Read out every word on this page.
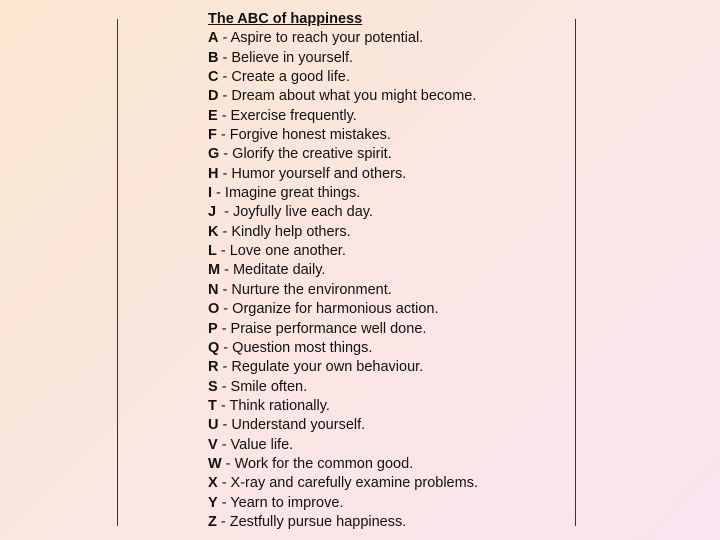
The ABC of happiness
A - Aspire to reach your potential.
B - Believe in yourself.
C - Create a good life.
D - Dream about what you might become.
E - Exercise frequently.
F - Forgive honest mistakes.
G - Glorify the creative spirit.
H - Humor yourself and others.
I - Imagine great things.
J  - Joyfully live each day.
K - Kindly help others.
L - Love one another.
M - Meditate daily.
N - Nurture the environment.
O - Organize for harmonious action.
P - Praise performance well done.
Q - Question most things.
R - Regulate your own behaviour.
S - Smile often.
T - Think rationally.
U - Understand yourself.
V - Value life.
W - Work for the common good.
X - X-ray and carefully examine problems.
Y - Yearn to improve.
Z - Zestfully pursue happiness.
